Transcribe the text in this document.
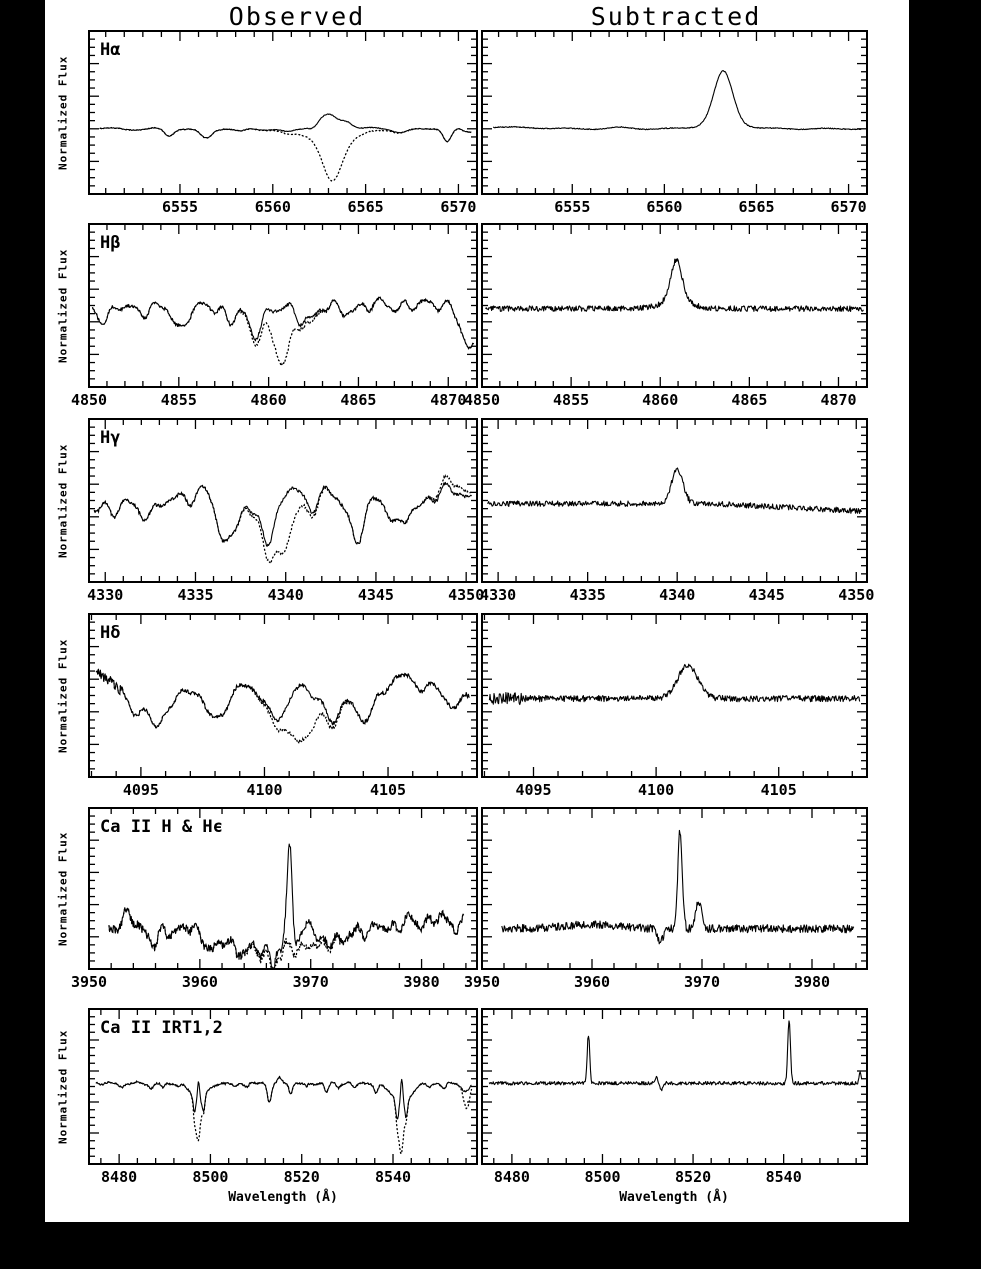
Observed	Subtracted
Normalized Flux
6555	6560	6565	6570
Hα
6555	6560	6565	6570
Normalized Flux
4850	4855	4860	4865	4870
Hβ
4850	4855	4860	4865	4870
Normalized Flux
4330	4335	4340	4345	4350
Hγ
4330	4335	4340	4345	4350
Normalized Flux
4095	4100	4105
Hδ
4095	4100	4105
Normalized Flux
3950	3960	3970	3980
Ca II H & Hϵ
3950	3960	3970	3980
Normalized Flux
8480	8500	8520	8540
Ca II IRT1,2
8480	8500	8520	8540
Wavelength (Å)	Wavelength (Å)
